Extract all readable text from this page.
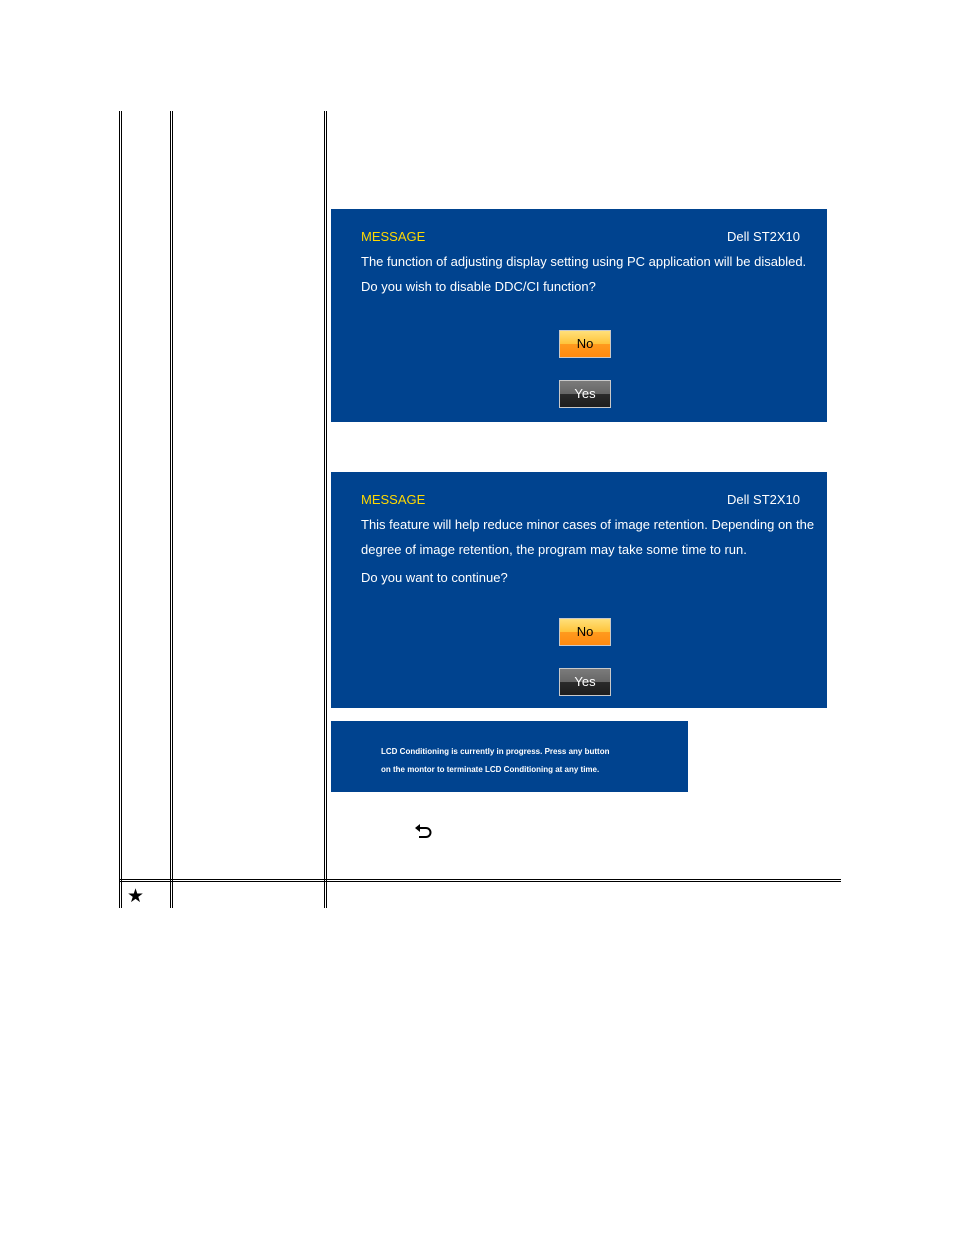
MESSAGE	Dell ST2X10
The function of adjusting display setting using PC application will be disabled.
Do you wish to disable DDC/CI function?
No
Yes
MESSAGE	Dell ST2X10
This feature will help reduce minor cases of image retention. Depending on the
degree of image retention, the program may take some time to run.
Do you want to continue?
No
Yes
LCD Conditioning is currently in progress. Press any button
on the montor to terminate LCD Conditioning at any time.
★
